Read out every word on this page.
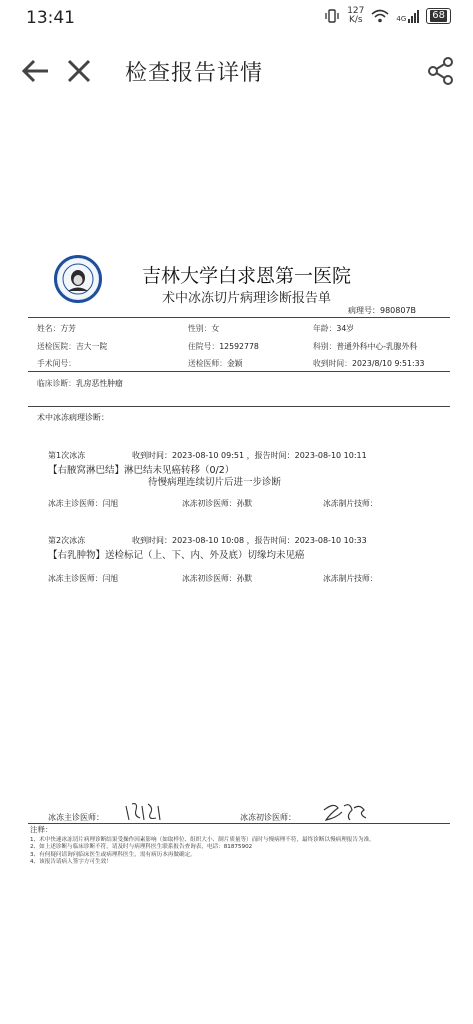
13:41	127
K/s	4G	68
检查报告详情
吉林大学白求恩第一医院
术中冰冻切片病理诊断报告单
病理号：980807B
姓名：方芳	性别：女	年龄：34岁
送检医院：吉大一院	住院号：12592778	科别：普通外科中心-乳腺外科
手术间号：	送检医师：金颖	收到时间：2023/8/10 9:51:33
临床诊断：乳房恶性肿瘤
术中冰冻病理诊断：
第1次冰冻	收到时间：2023-08-10 09:51 ，报告时间：2023-08-10 10:11
【右腋窝淋巴结】淋巴结未见癌转移（0/2）
待慢病理连续切片后进一步诊断
冰冻主诊医师：闫旭	冰冻初诊医师：孙默	冰冻制片技师：
第2次冰冻	收到时间：2023-08-10 10:08 ，报告时间：2023-08-10 10:33
【右乳肿物】送检标记（上、下、内、外及底）切缘均未见癌
冰冻主诊医师：闫旭	冰冻初诊医师：孙默	冰冻制片技师：
冰冻主诊医师：	冰冻初诊医师：
注释：
1、术中快速冰冻切片病理诊断结果受操作因素影响（如取样位、组织大小、制片质量等）而时与慢病理不符，最终诊断以慢病理报告为准。
2、如上述诊断与临床诊断不符，请及时与病理科医生联系报告查询表，电话：81875902
3、有何疑问请询问临床医生或病理科医生，需有病历本再做确定。
4、该报告请病人签字方可生效！
